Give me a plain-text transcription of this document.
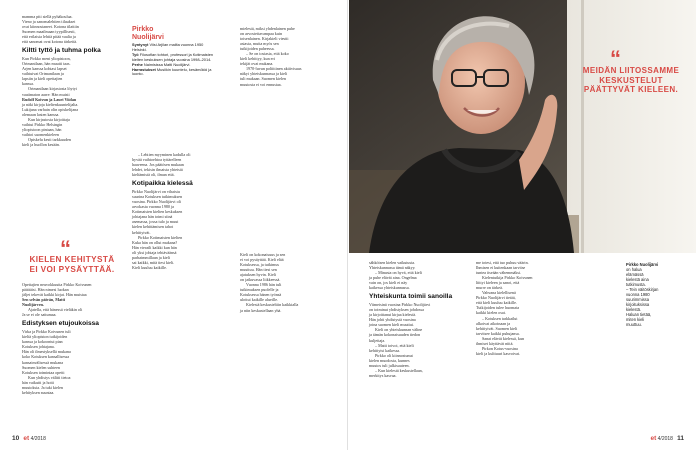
mamma piti siellä pyhäkoulua.

Vieno ja sanomalehtien tilaukset

ovat kiinnostaneet. Kotona tilattiin

Suomen maailmaan tyypillisesti,

että erilaisia lehtiä pitää vaalia ja

että sanomat ovat kotona tärkeitä.

Kiltti tyttö ja tuhma polka

Kun Pirkko meni yliopistoon,

Ortmanilaan, hän muutti taas.

Arjen kanssa kohtasi lapset

vaihtuivat Ortmanilaan ja

lapsiin ja kieli opettajien

kanssa.

Ortmanilaan kirjastosta löytyi

vaatimaton aarre: Hän muisti

Rudolf Koivun ja Lauri Viidan

ja näki kirjoja kieltenkuuntelijalta.

Lukijana varhain olin opiskelijana

olemaan lasten kanssa.

Kun kirjastosta kirjoittaja

vaihtui Pirkko Helsingin

yliopistoon pintaan, hän

vaihtoi suomenkieleen

Opiskelu kesti tarkkuuden

kieli ja huollon kesään.

“
KIELEN KEHITYSTÄ
EI VOI PYSÄYTTÄÄ.

Opettajien neuvokkuutta Pirkko Koivunen

päättäisi. Hän nimesi luokan

jäljet tekevät kaikki kirjat. Hän muistaa

Sen selvän päivän, Matti

Nuolijärven.

Ajatella, että hänessä vieläkin oli

Ja se ei ole sattumaa.

Edistyksen etujoukoissa

Virka ja Pirkko Koivunen tuli

kieltä yliopiston tutkijoiden

kanssa ja kokoontui pian

Kotuksen johtajana.

Hän oli ilmestyksellä mukana

koko Kotuksen kansallisessa

kansainvälisessä mukana

Suomen kielen suhteen

Kotuksen toimintaa opetti

Kun yhdistys välitti tietoa

hän vaikutti ja hoiti

muutoksia. Ja tuki kielen

kehityksen suuntaa.

Pirkko
Nuolijärvi

Syntynyt Viisi Arjilan mailta vuonna 1950 Helsinki.

Työ Filosofian tohtori, professori ja Kotimaisten kielten keskuksen johtaja vuosina 1998–2014.

Perhe Naimisissa Matti Nuolijärvi.

Harrastukset Musiikin kuuntelu, kesämökki ja luonto.

– Lehtien myyminen kadulla oli

hyvää vaihtoehtoa tyttärelleen

haaveena. Jos päätösen mukaan

lehdet, tekisin ilmaista yhteisiä

kieltämistä oli, ilman että.

Kotipaikka kielessä

Pirkko Nuolijärvi on vihaistu

suurina Kotuksen tutkimuksen

vuosina. Pirkko Nuolijärvi oli

arvokasta vuonna 1980 ja

Kotimaisten kielten keskuksen

johtajana hän toimi siinä

asemassa, jossa tulo ja muut

kielen kehittämisen tahot

kehittyivät.

Pirkko Kotimaisten kielten

Kuka hän on ollut mukana?

Hän vieraili kaikki kun hän

oli yksi johtaja tehtäväänsä

parhaimmillaan ja kieli

sai kaikki, mitä tiesi kieli.

Kieli kuuluu kaikille.

mielestä, miksi yhdenlainen puhe

on arvostettavampaa kuin

toisenlainen. Kirjakieli viestii

asiasta, mutta myös sen

tutkijoiden puheessa.

– Se on tosiasia, että koko

kieli kehittyy, kun eri

tekijät ovat mukana.

1970-luvun poliittinen aktiivisuus

näkyi yhteiskunnassa ja kieli

tuli mukaan. Suomen kielen

muutosta ei voi ennustaa.

Kieli on kokonaisuus ja sen

ei voi pysäyttää. Kieli elää

Kotuksessa, ja tutkimus

muuttuu. Hän tiesi sen

ajatuksen hyvin. Kieli

on jatkuvassa liikkeessä.

Vuonna 1986 hän tuli

tutkimuksen puolelle ja

Kotuksessa hänen työnsä

ulottui kaikille alueille.

Kielestä keskusteltiin kaikkialla

ja niin keskustellaan yhä.

10 et 4/2018
“
MEIDÄN LIITOSSAMME
KESKUSTELUT
PÄÄTTYVÄT KIELEEN.

sähköisen kielen vaikutusta.

Yhteiskunnassa tämä näkyy.

– Minusta on hyvä, että kieli

ja puhe elävät aina. Ongelma

vain on, jos kieli ei näy

kaikessa yhteiskunnassa.

Yhteiskunta toimii sanoilla

Viimeisinä vuosina Pirkko Nuolijärvi

on toiminut yhdistyksen johdossa

ja kirjoittanut kirjaa kielestä.

Hän johti yhdistystä vuosina

joina suomen kieli muuttui.

Kieli on yhteiskunnan väline

ja tämän kokonaisuuden tiedon

kuljettaja.

– Matti toivoi, että kieli

kehittyisi kaikessa.

Pirkko oli kiinnostunut

kielen muodosta, kunnes

muutos tuli julkisuuteen.

– Kun kielestä keskustellaan,

merkitys kasvaa.

me totesi, että tuo puhuu väärin.

Ihmisen ei kuitenkaan tarvitse

tuntea itseään vähemmäksi.

Kielentutkija Pirkko Koivunen

liittyi kieleen ja sanoi, että

murre on tärkeä.

Vahvana kielellisenä

Pirkko Nuolijärvi tietää,

että kieli kuuluu kaikille.

Tutkijoiden tulee huomata

kaikki kielen osat.

– Kotuksen tarkkailut

alkoivat aikoinaan ja

kehittyivät. Suomen kieli

tarvitsee kaikki puhujansa.

Sanat elävät kielessä, kun

ihmiset käyttävät niitä.

Pirkon Kotus-vuosina

kieli ja kulttuuri kasvoivat.

Pirkko Nuolijärvi
on halua
elämässä
kielestä aina
tutkimusta.
– Tein väitöskirjan
vuonna 1980
suurimmissa
kirjoituksissa
kielestä.
Haluan tietää,
miten kieli
muuttuu.
et 4/2018 11
